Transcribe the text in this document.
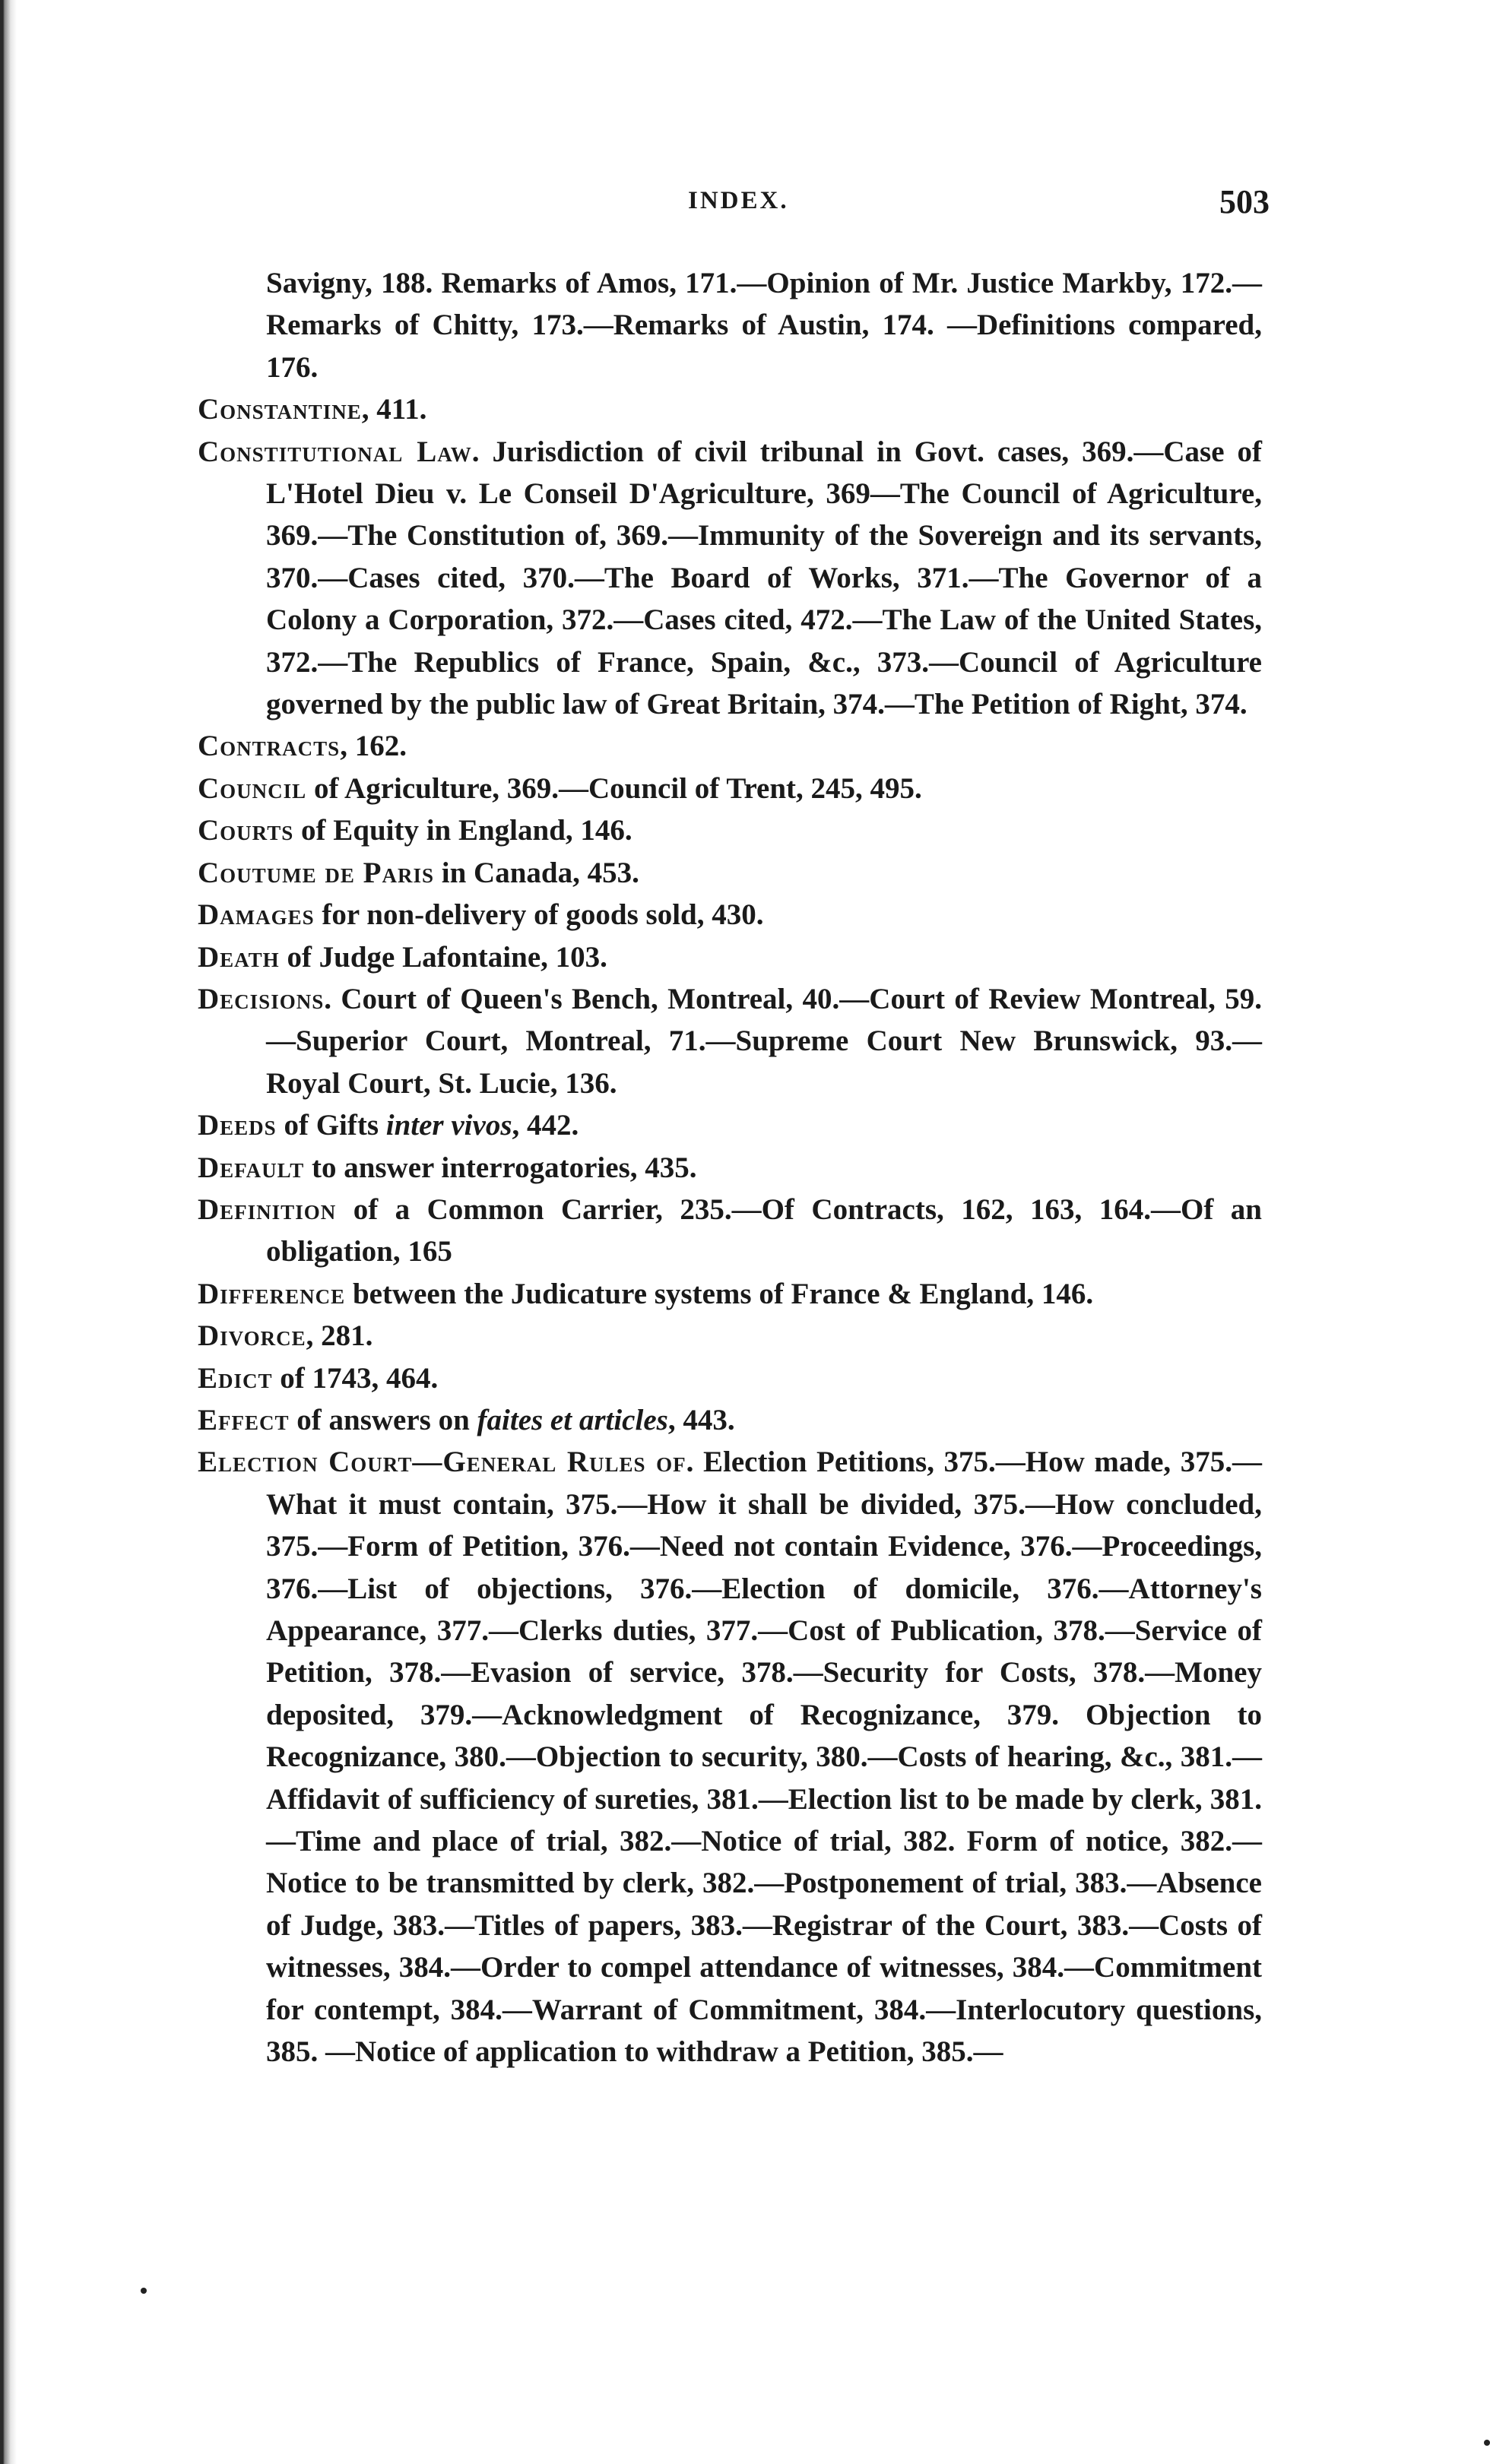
INDEX.	503
Savigny, 188. Remarks of Amos, 171.—Opinion of Mr. Justice Markby, 172.—Remarks of Chitty, 173.—Remarks of Austin, 174. —Definitions compared, 176.
Constantine, 411.
Constitutional Law. Jurisdiction of civil tribunal in Govt. cases, 369.—Case of L'Hotel Dieu v. Le Conseil D'Agriculture, 369—The Council of Agriculture, 369.—The Constitution of, 369.—Immunity of the Sovereign and its servants, 370.—Cases cited, 370.—The Board of Works, 371.—The Governor of a Colony a Corporation, 372.—Cases cited, 472.—The Law of the United States, 372.—The Republics of France, Spain, &c., 373.—Council of Agriculture governed by the public law of Great Britain, 374.—The Petition of Right, 374.
Contracts, 162.
Council of Agriculture, 369.—Council of Trent, 245, 495.
Courts of Equity in England, 146.
Coutume de Paris in Canada, 453.
Damages for non-delivery of goods sold, 430.
Death of Judge Lafontaine, 103.
Decisions. Court of Queen's Bench, Montreal, 40.—Court of Review Montreal, 59.—Superior Court, Montreal, 71.—Supreme Court New Brunswick, 93.—Royal Court, St. Lucie, 136.
Deeds of Gifts inter vivos, 442.
Default to answer interrogatories, 435.
Definition of a Common Carrier, 235.—Of Contracts, 162, 163, 164.—Of an obligation, 165
Difference between the Judicature systems of France & England, 146.
Divorce, 281.
Edict of 1743, 464.
Effect of answers on faites et articles, 443.
Election Court—General Rules of. Election Petitions, 375.—How made, 375.—What it must contain, 375.—How it shall be divided, 375.—How concluded, 375.—Form of Petition, 376.—Need not contain Evidence, 376.—Proceedings, 376.—List of objections, 376.—Election of domicile, 376.—Attorney's Appearance, 377.—Clerks duties, 377.—Cost of Publication, 378.—Service of Petition, 378.—Evasion of service, 378.—Security for Costs, 378.—Money deposited, 379.—Acknowledgment of Recognizance, 379. Objection to Recognizance, 380.—Objection to security, 380.—Costs of hearing, &c., 381.—Affidavit of sufficiency of sureties, 381.—Election list to be made by clerk, 381.—Time and place of trial, 382.—Notice of trial, 382. Form of notice, 382.—Notice to be transmitted by clerk, 382.—Postponement of trial, 383.—Absence of Judge, 383.—Titles of papers, 383.—Registrar of the Court, 383.—Costs of witnesses, 384.—Order to compel attendance of witnesses, 384.—Commitment for contempt, 384.—Warrant of Commitment, 384.—Interlocutory questions, 385. —Notice of application to withdraw a Petition, 385.—
